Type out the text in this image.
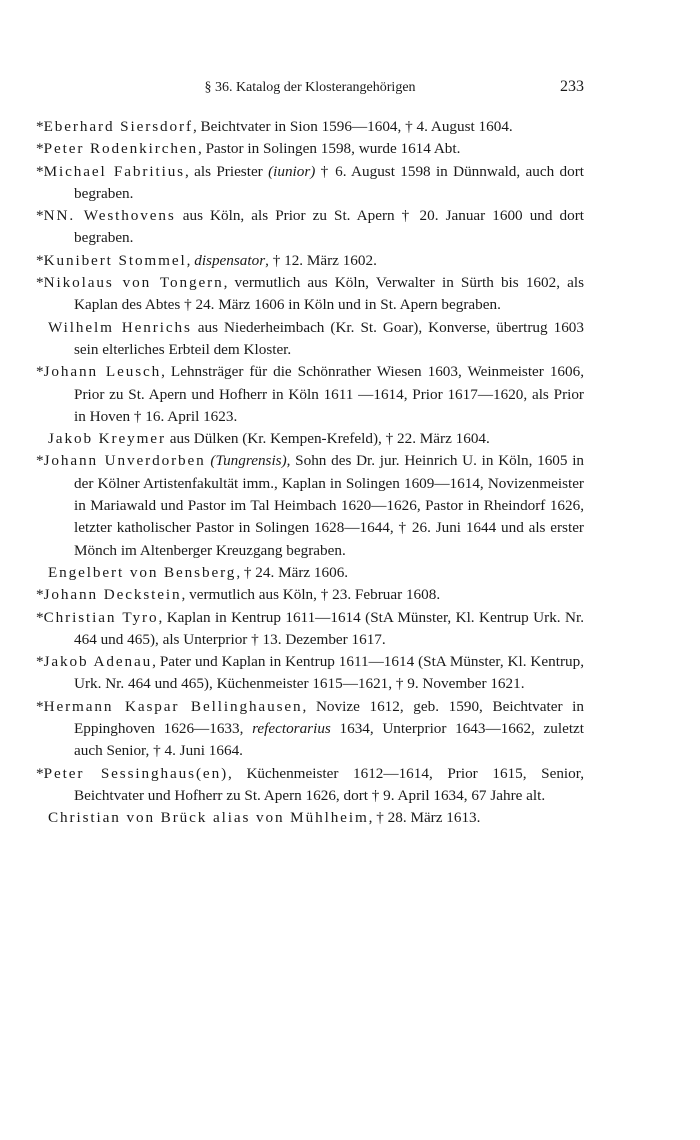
§ 36. Katalog der Klosterangehörigen	233
*Eberhard Siersdorf, Beichtvater in Sion 1596—1604, † 4. August 1604.
*Peter Rodenkirchen, Pastor in Solingen 1598, wurde 1614 Abt.
*Michael Fabritius, als Priester (iunior) † 6. August 1598 in Dünnwald, auch dort begraben.
*NN. Westhovens aus Köln, als Prior zu St. Apern † 20. Januar 1600 und dort begraben.
*Kunibert Stommel, dispensator, † 12. März 1602.
*Nikolaus von Tongern, vermutlich aus Köln, Verwalter in Sürth bis 1602, als Kaplan des Abtes † 24. März 1606 in Köln und in St. Apern begraben.
Wilhelm Henrichs aus Niederheimbach (Kr. St. Goar), Konverse, übertrug 1603 sein elterliches Erbteil dem Kloster.
*Johann Leusch, Lehnsträger für die Schönrather Wiesen 1603, Weinmeister 1606, Prior zu St. Apern und Hofherr in Köln 1611 —1614, Prior 1617—1620, als Prior in Hoven † 16. April 1623.
Jakob Kreymer aus Dülken (Kr. Kempen-Krefeld), † 22. März 1604.
*Johann Unverdorben (Tungrensis), Sohn des Dr. jur. Heinrich U. in Köln, 1605 in der Kölner Artistenfakultät imm., Kaplan in Solingen 1609—1614, Novizenmeister in Mariawald und Pastor im Tal Heimbach 1620—1626, Pastor in Rheindorf 1626, letzter katholischer Pastor in Solingen 1628—1644, † 26. Juni 1644 und als erster Mönch im Altenberger Kreuzgang begraben.
Engelbert von Bensberg, † 24. März 1606.
*Johann Deckstein, vermutlich aus Köln, † 23. Februar 1608.
*Christian Tyro, Kaplan in Kentrup 1611—1614 (StA Münster, Kl. Kentrup Urk. Nr. 464 und 465), als Unterprior † 13. Dezember 1617.
*Jakob Adenau, Pater und Kaplan in Kentrup 1611—1614 (StA Münster, Kl. Kentrup, Urk. Nr. 464 und 465), Küchenmeister 1615—1621, † 9. November 1621.
*Hermann Kaspar Bellinghausen, Novize 1612, geb. 1590, Beichtvater in Eppinghoven 1626—1633, refectorarius 1634, Unterprior 1643—1662, zuletzt auch Senior, † 4. Juni 1664.
*Peter Sessinghaus(en), Küchenmeister 1612—1614, Prior 1615, Senior, Beichtvater und Hofherr zu St. Apern 1626, dort † 9. April 1634, 67 Jahre alt.
Christian von Brück alias von Mühlheim, † 28. März 1613.
